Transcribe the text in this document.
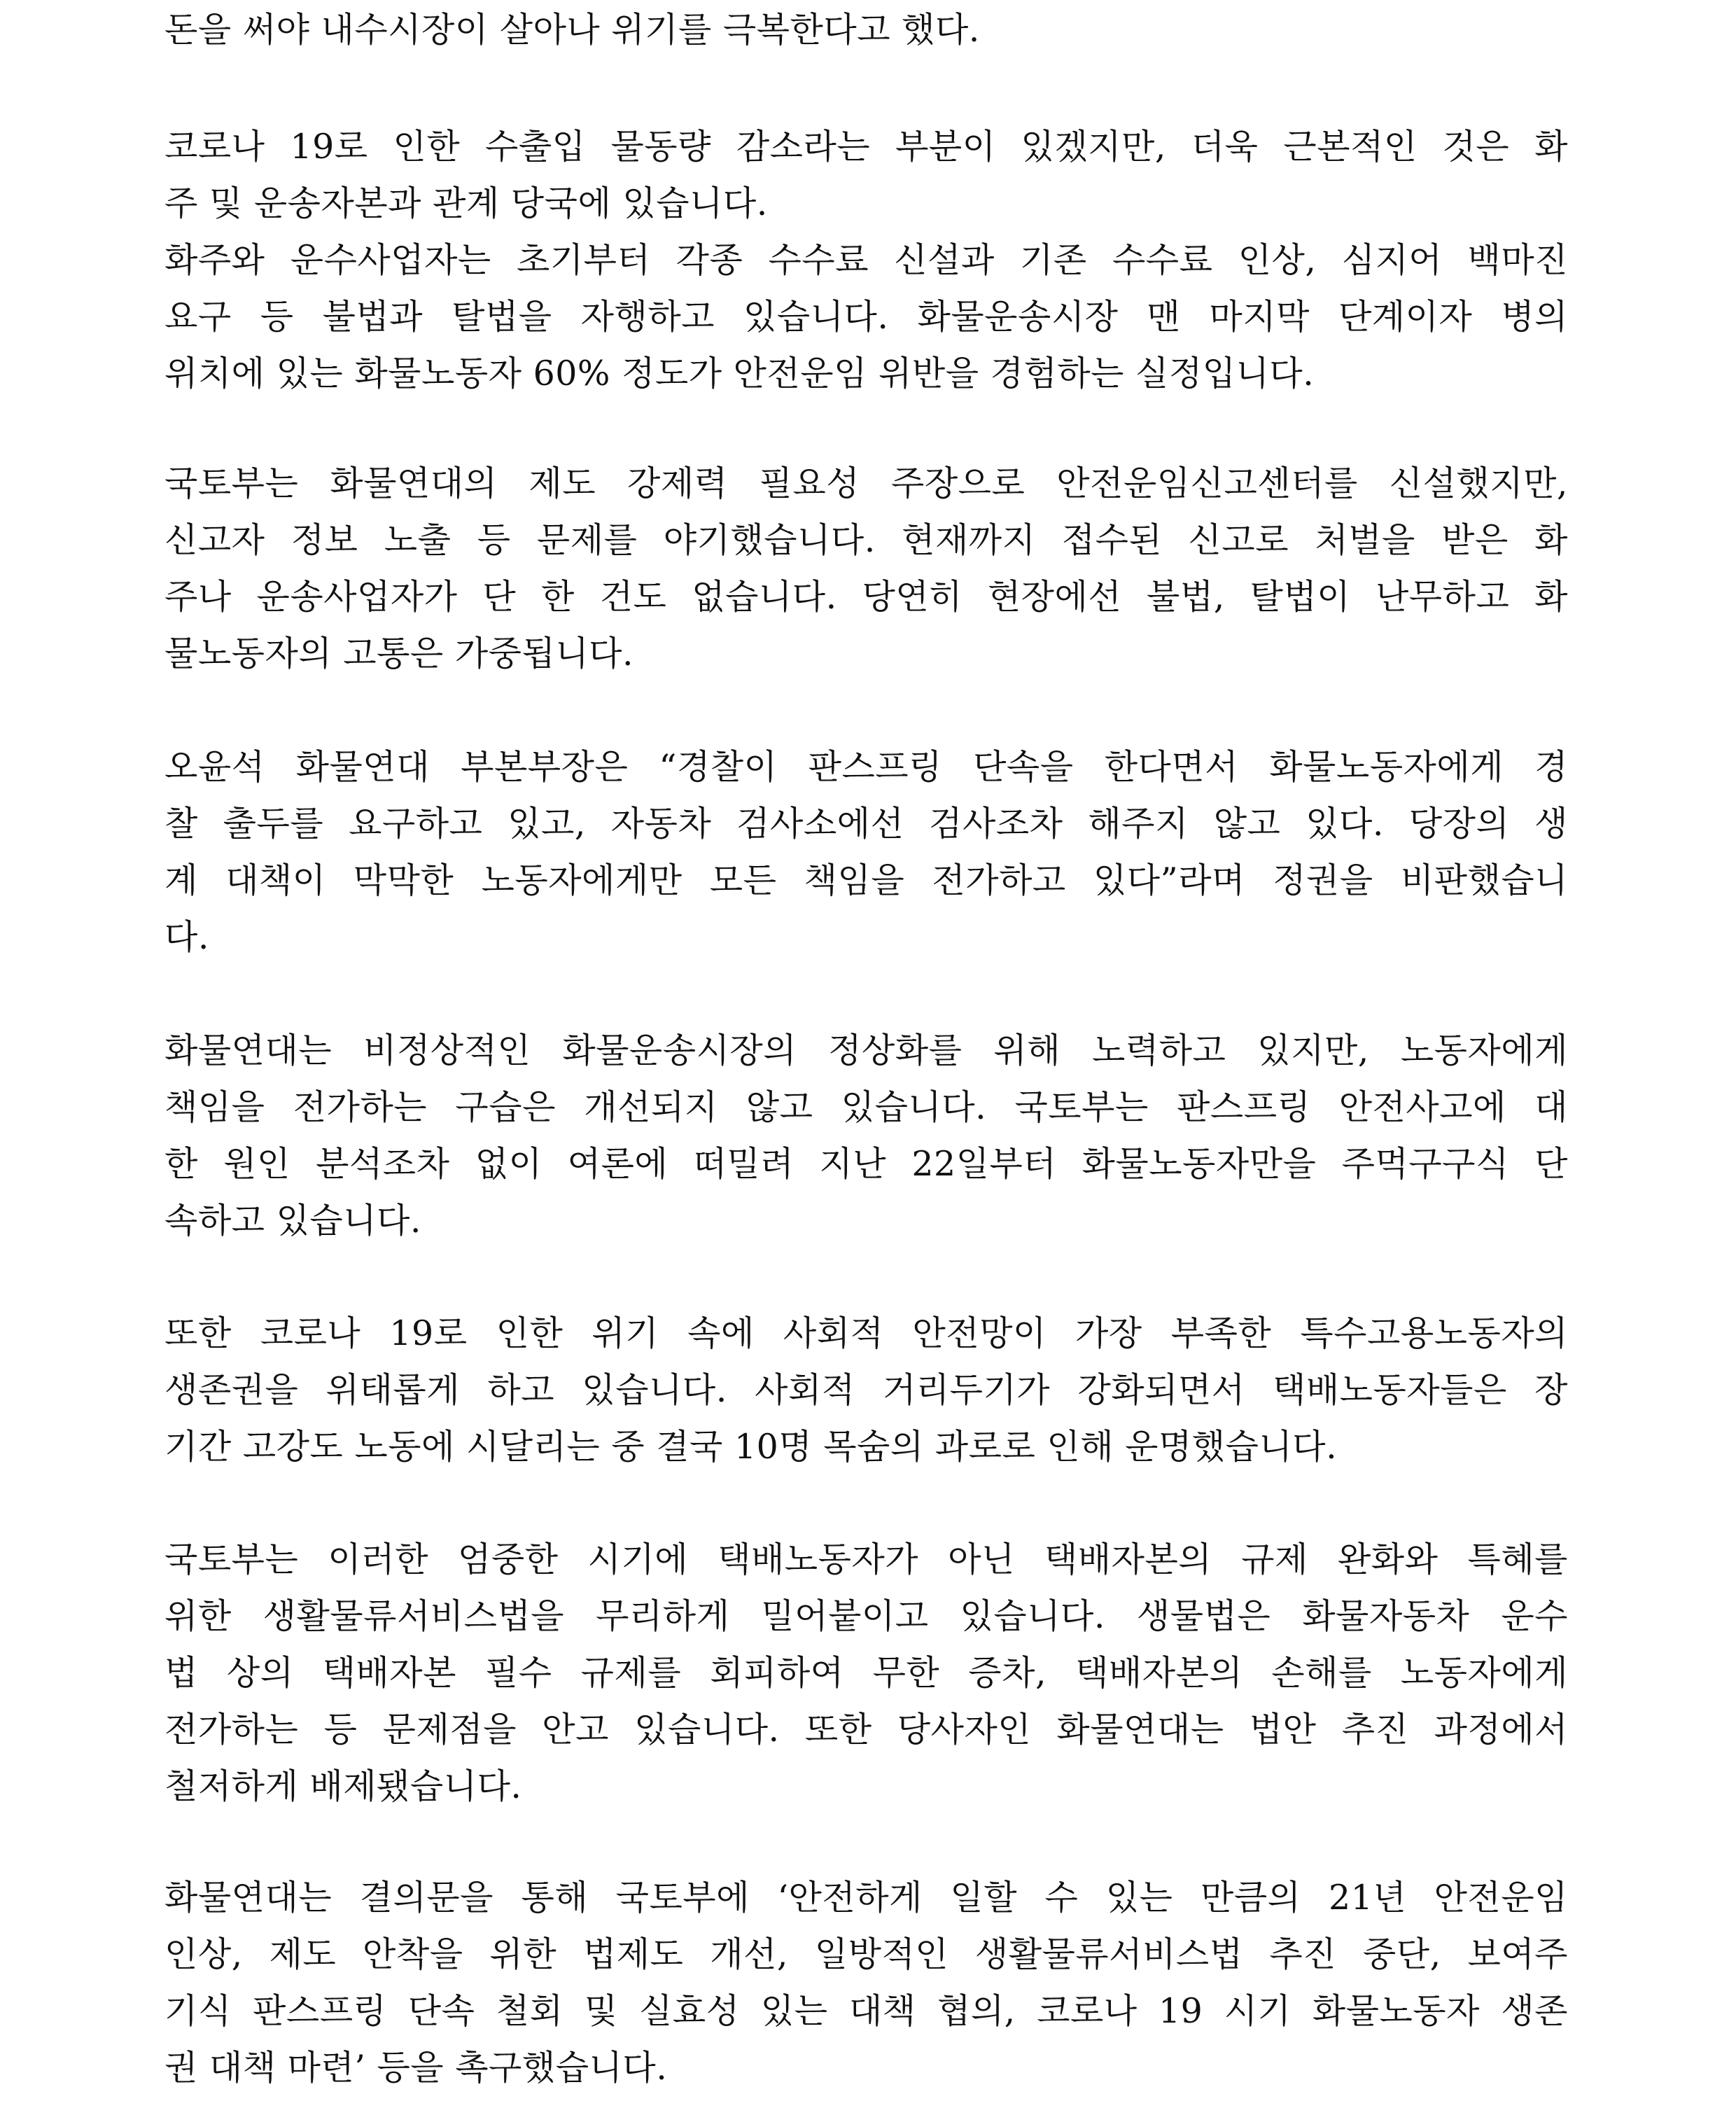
돈을 써야 내수시장이 살아나 위기를 극복한다고 했다.
코로나 19로 인한 수출입 물동량 감소라는 부분이 있겠지만, 더욱 근본적인 것은 화
주 및 운송자본과 관계 당국에 있습니다.
화주와 운수사업자는 초기부터 각종 수수료 신설과 기존 수수료 인상, 심지어 백마진
요구 등 불법과 탈법을 자행하고 있습니다. 화물운송시장 맨 마지막 단계이자 병의
위치에 있는 화물노동자 60% 정도가 안전운임 위반을 경험하는 실정입니다.
국토부는 화물연대의 제도 강제력 필요성 주장으로 안전운임신고센터를 신설했지만,
신고자 정보 노출 등 문제를 야기했습니다. 현재까지 접수된 신고로 처벌을 받은 화
주나 운송사업자가 단 한 건도 없습니다. 당연히 현장에선 불법, 탈법이 난무하고 화
물노동자의 고통은 가중됩니다.
오윤석 화물연대 부본부장은 “경찰이 판스프링 단속을 한다면서 화물노동자에게 경
찰 출두를 요구하고 있고, 자동차 검사소에선 검사조차 해주지 않고 있다. 당장의 생
계 대책이 막막한 노동자에게만 모든 책임을 전가하고 있다”라며 정권을 비판했습니
다.
화물연대는 비정상적인 화물운송시장의 정상화를 위해 노력하고 있지만, 노동자에게
책임을 전가하는 구습은 개선되지 않고 있습니다. 국토부는 판스프링 안전사고에 대
한 원인 분석조차 없이 여론에 떠밀려 지난 22일부터 화물노동자만을 주먹구구식 단
속하고 있습니다.
또한 코로나 19로 인한 위기 속에 사회적 안전망이 가장 부족한 특수고용노동자의
생존권을 위태롭게 하고 있습니다. 사회적 거리두기가 강화되면서 택배노동자들은 장
기간 고강도 노동에 시달리는 중 결국 10명 목숨의 과로로 인해 운명했습니다.
국토부는 이러한 엄중한 시기에 택배노동자가 아닌 택배자본의 규제 완화와 특혜를
위한 생활물류서비스법을 무리하게 밀어붙이고 있습니다. 생물법은 화물자동차 운수
법 상의 택배자본 필수 규제를 회피하여 무한 증차, 택배자본의 손해를 노동자에게
전가하는 등 문제점을 안고 있습니다. 또한 당사자인 화물연대는 법안 추진 과정에서
철저하게 배제됐습니다.
화물연대는 결의문을 통해 국토부에 ‘안전하게 일할 수 있는 만큼의 21년 안전운임
인상, 제도 안착을 위한 법제도 개선, 일방적인 생활물류서비스법 추진 중단, 보여주
기식 판스프링 단속 철회 및 실효성 있는 대책 협의, 코로나 19 시기 화물노동자 생존
권 대책 마련’ 등을 촉구했습니다.
